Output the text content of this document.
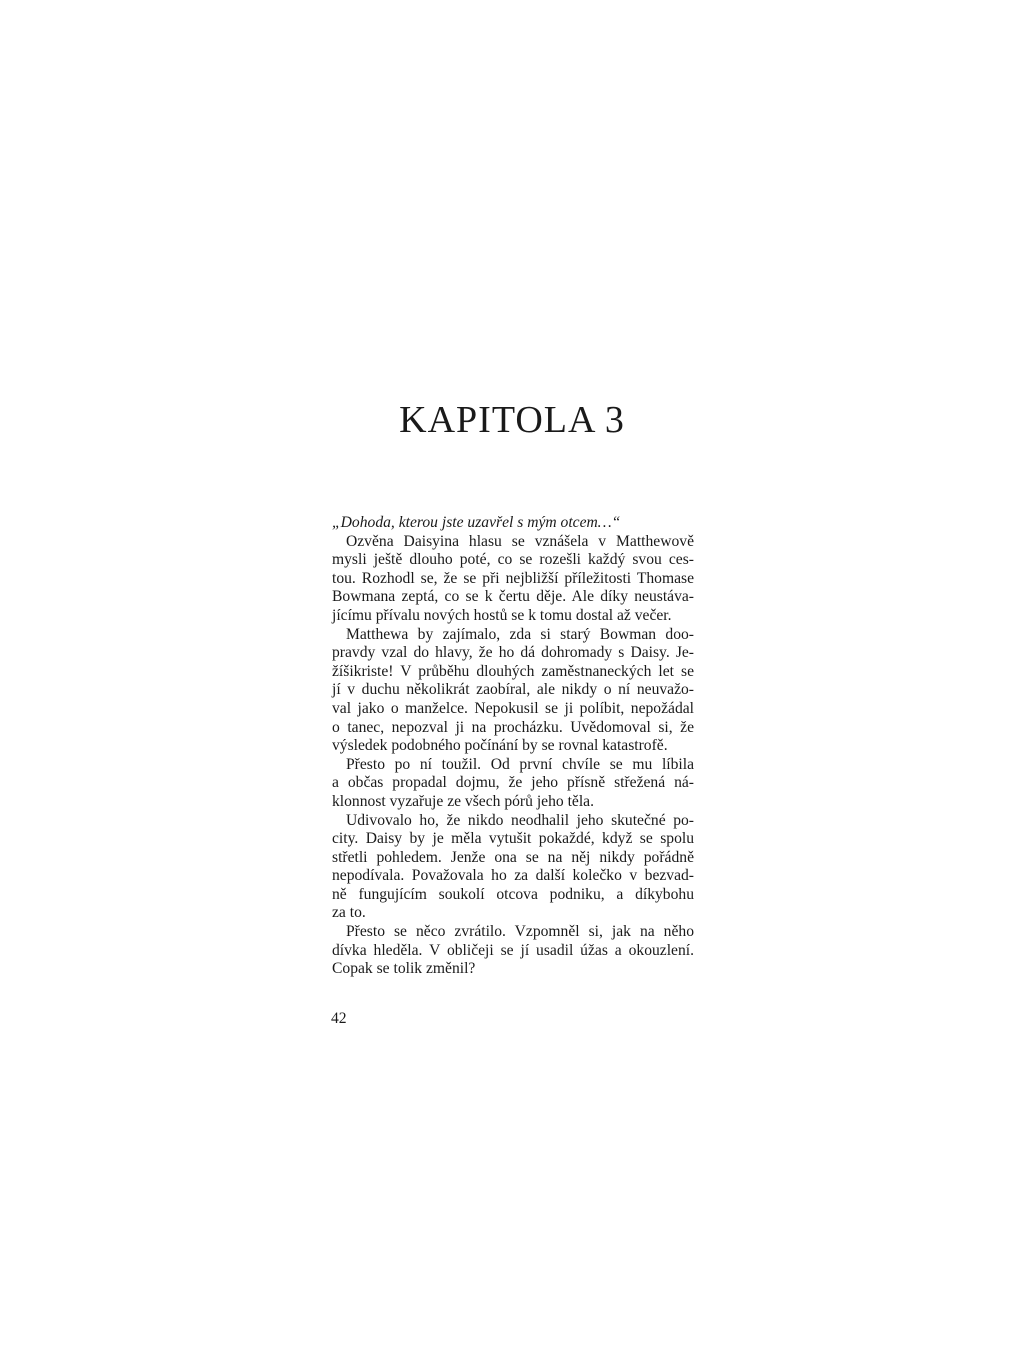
KAPITOLA 3
„Dohoda, kterou jste uzavřel s mým otcem…“
Ozvěna Daisyina hlasu se vznášela v Matthewově
mysli ještě dlouho poté, co se rozešli každý svou ces-
tou. Rozhodl se, že se při nejbližší příležitosti Thomase
Bowmana zeptá, co se k čertu děje. Ale díky neustáva-
jícímu přívalu nových hostů se k tomu dostal až večer.
Matthewa by zajímalo, zda si starý Bowman doo-
pravdy vzal do hlavy, že ho dá dohromady s Daisy. Je-
žíšikriste! V průběhu dlouhých zaměstnaneckých let se
jí v duchu několikrát zaobíral, ale nikdy o ní neuvažo-
val jako o manželce. Nepokusil se ji políbit, nepožádal
o tanec, nepozval ji na procházku. Uvědomoval si, že
výsledek podobného počínání by se rovnal katastrofě.
Přesto po ní toužil. Od první chvíle se mu líbila
a občas propadal dojmu, že jeho přísně střežená ná-
klonnost vyzařuje ze všech pórů jeho těla.
Udivovalo ho, že nikdo neodhalil jeho skutečné po-
city. Daisy by je měla vytušit pokaždé, když se spolu
střetli pohledem. Jenže ona se na něj nikdy pořádně
nepodívala. Považovala ho za další kolečko v bezvad-
ně fungujícím soukolí otcova podniku, a díkybohu
za to.
Přesto se něco zvrátilo. Vzpomněl si, jak na něho
dívka hleděla. V obličeji se jí usadil úžas a okouzlení.
Copak se tolik změnil?

42
